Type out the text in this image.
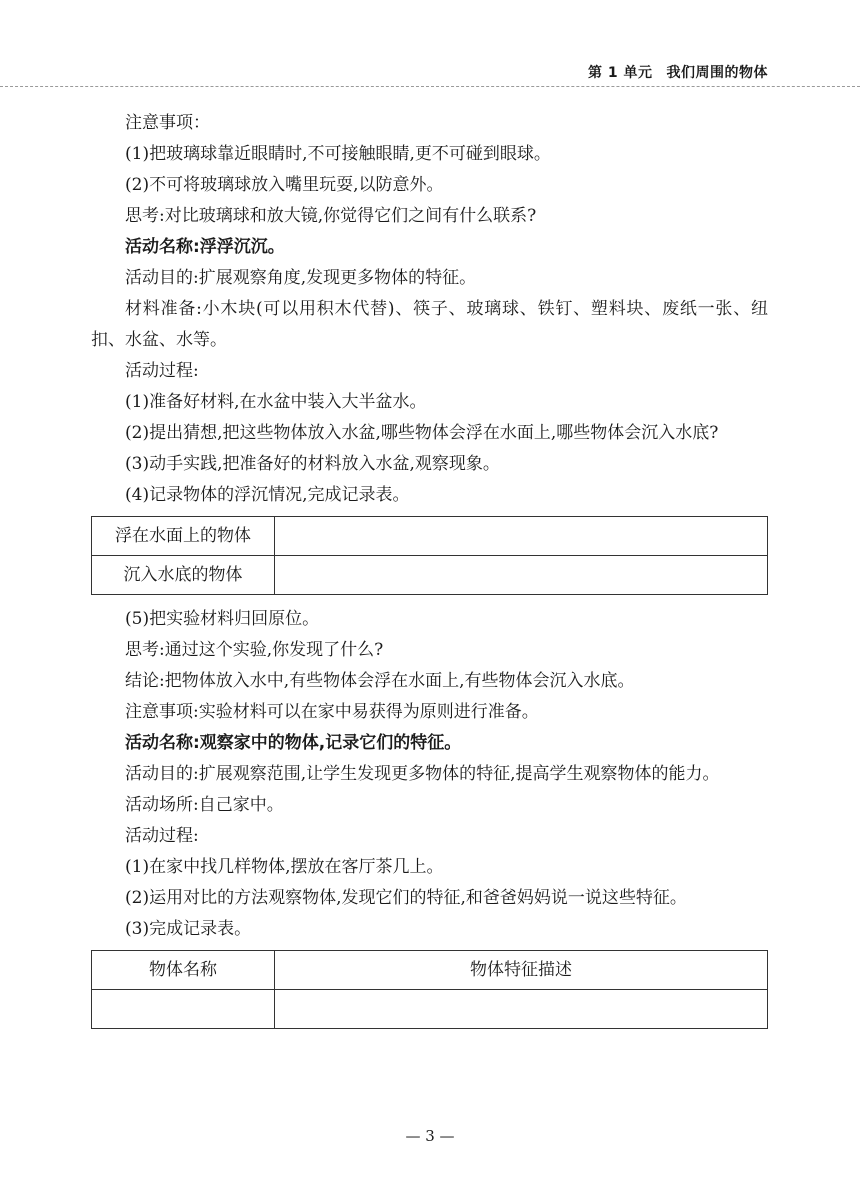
第 1 单元 我们周围的物体

注意事项：

(1)把玻璃球靠近眼睛时,不可接触眼睛,更不可碰到眼球。

(2)不可将玻璃球放入嘴里玩耍,以防意外。

思考:对比玻璃球和放大镜,你觉得它们之间有什么联系?

活动名称:浮浮沉沉。

活动目的:扩展观察角度,发现更多物体的特征。

材料准备:小木块(可以用积木代替)、筷子、玻璃球、铁钉、塑料块、废纸一张、纽扣、水盆、水等。

活动过程:

(1)准备好材料,在水盆中装入大半盆水。

(2)提出猜想,把这些物体放入水盆,哪些物体会浮在水面上,哪些物体会沉入水底?

(3)动手实践,把准备好的材料放入水盆,观察现象。

(4)记录物体的浮沉情况,完成记录表。

浮在水面上的物体	
沉入水底的物体	

(5)把实验材料归回原位。

思考:通过这个实验,你发现了什么?

结论:把物体放入水中,有些物体会浮在水面上,有些物体会沉入水底。

注意事项:实验材料可以在家中易获得为原则进行准备。

活动名称:观察家中的物体,记录它们的特征。

活动目的:扩展观察范围,让学生发现更多物体的特征,提高学生观察物体的能力。

活动场所:自己家中。

活动过程:

(1)在家中找几样物体,摆放在客厅茶几上。

(2)运用对比的方法观察物体,发现它们的特征,和爸爸妈妈说一说这些特征。

(3)完成记录表。

物体名称	物体特征描述

— 3 —
